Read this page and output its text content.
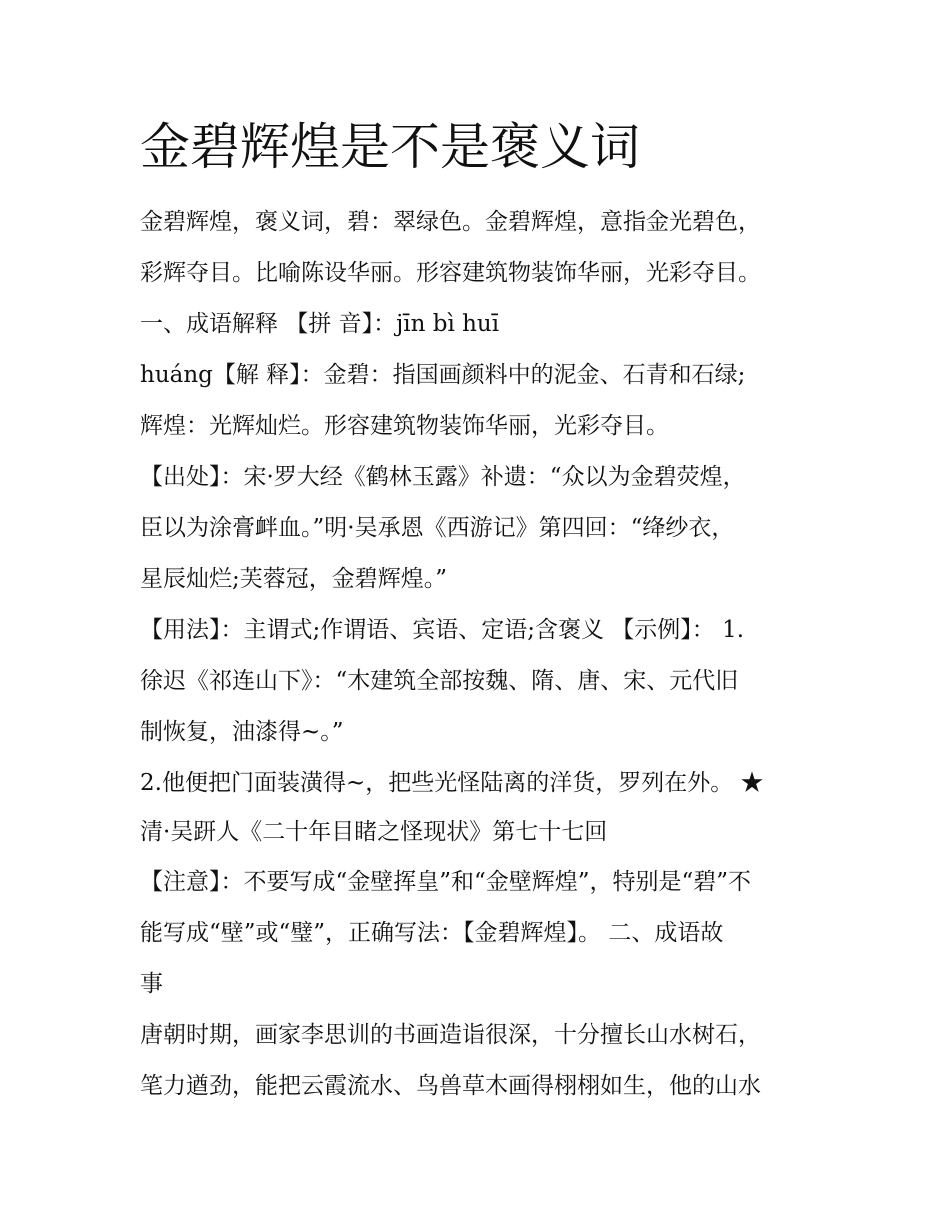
金碧辉煌是不是褒义词
金碧辉煌，褒义词，碧：翠绿色。金碧辉煌，意指金光碧色，
彩辉夺目。比喻陈设华丽。形容建筑物装饰华丽，光彩夺目。
一、成语解释 【拼 音】：jīn bì huī
huáng【解 释】：金碧：指国画颜料中的泥金、石青和石绿;
辉煌：光辉灿烂。形容建筑物装饰华丽，光彩夺目。
【出处】：宋·罗大经《鹤林玉露》补遗：“众以为金碧荧煌，
臣以为涂膏衅血。”明·吴承恩《西游记》第四回：“绛纱衣，
星辰灿烂;芙蓉冠，金碧辉煌。”
【用法】：主谓式;作谓语、宾语、定语;含褒义 【示例】： 1.
徐迟《祁连山下》：“木建筑全部按魏、隋、唐、宋、元代旧
制恢复，油漆得~。”
2.他便把门面装潢得~，把些光怪陆离的洋货，罗列在外。 ★
清·吴趼人《二十年目睹之怪现状》第七十七回
【注意】：不要写成“金壁挥皇”和“金壁辉煌”，特别是“碧”不
能写成“壁”或“璧”，正确写法：【金碧辉煌】。 二、成语故
事
唐朝时期，画家李思训的书画造诣很深，十分擅长山水树石，
笔力遒劲，能把云霞流水、鸟兽草木画得栩栩如生，他的山水
